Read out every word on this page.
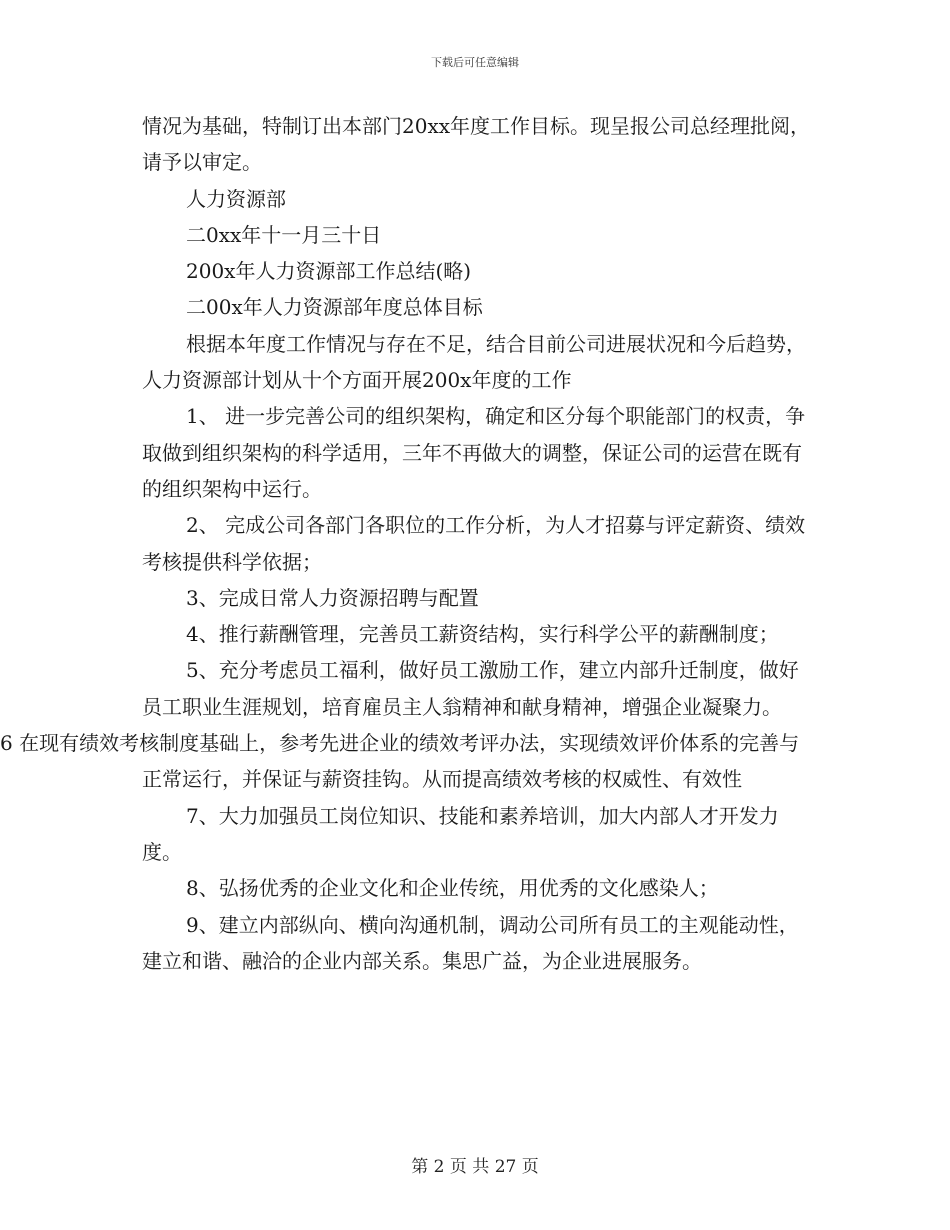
下载后可任意编辑

情况为基础，特制订出本部门20xx年度工作目标。现呈报公司总经理批阅，请予以审定。

人力资源部

二0xx年十一月三十日

200x年人力资源部工作总结(略)

二00x年人力资源部年度总体目标

根据本年度工作情况与存在不足，结合目前公司进展状况和今后趋势，人力资源部计划从十个方面开展200x年度的工作

1、 进一步完善公司的组织架构，确定和区分每个职能部门的权责，争取做到组织架构的科学适用，三年不再做大的调整，保证公司的运营在既有的组织架构中运行。

2、 完成公司各部门各职位的工作分析，为人才招募与评定薪资、绩效考核提供科学依据；

3、完成日常人力资源招聘与配置

4、推行薪酬管理，完善员工薪资结构，实行科学公平的薪酬制度；

5、充分考虑员工福利，做好员工激励工作，建立内部升迁制度，做好员工职业生涯规划，培育雇员主人翁精神和献身精神，增强企业凝聚力。

6 在现有绩效考核制度基础上，参考先进企业的绩效考评办法，实现绩效评价体系的完善与正常运行，并保证与薪资挂钩。从而提高绩效考核的权威性、有效性

7、大力加强员工岗位知识、技能和素养培训，加大内部人才开发力度。

8、弘扬优秀的企业文化和企业传统，用优秀的文化感染人；

9、建立内部纵向、横向沟通机制，调动公司所有员工的主观能动性，建立和谐、融洽的企业内部关系。集思广益，为企业进展服务。

第 2 页 共 27 页
